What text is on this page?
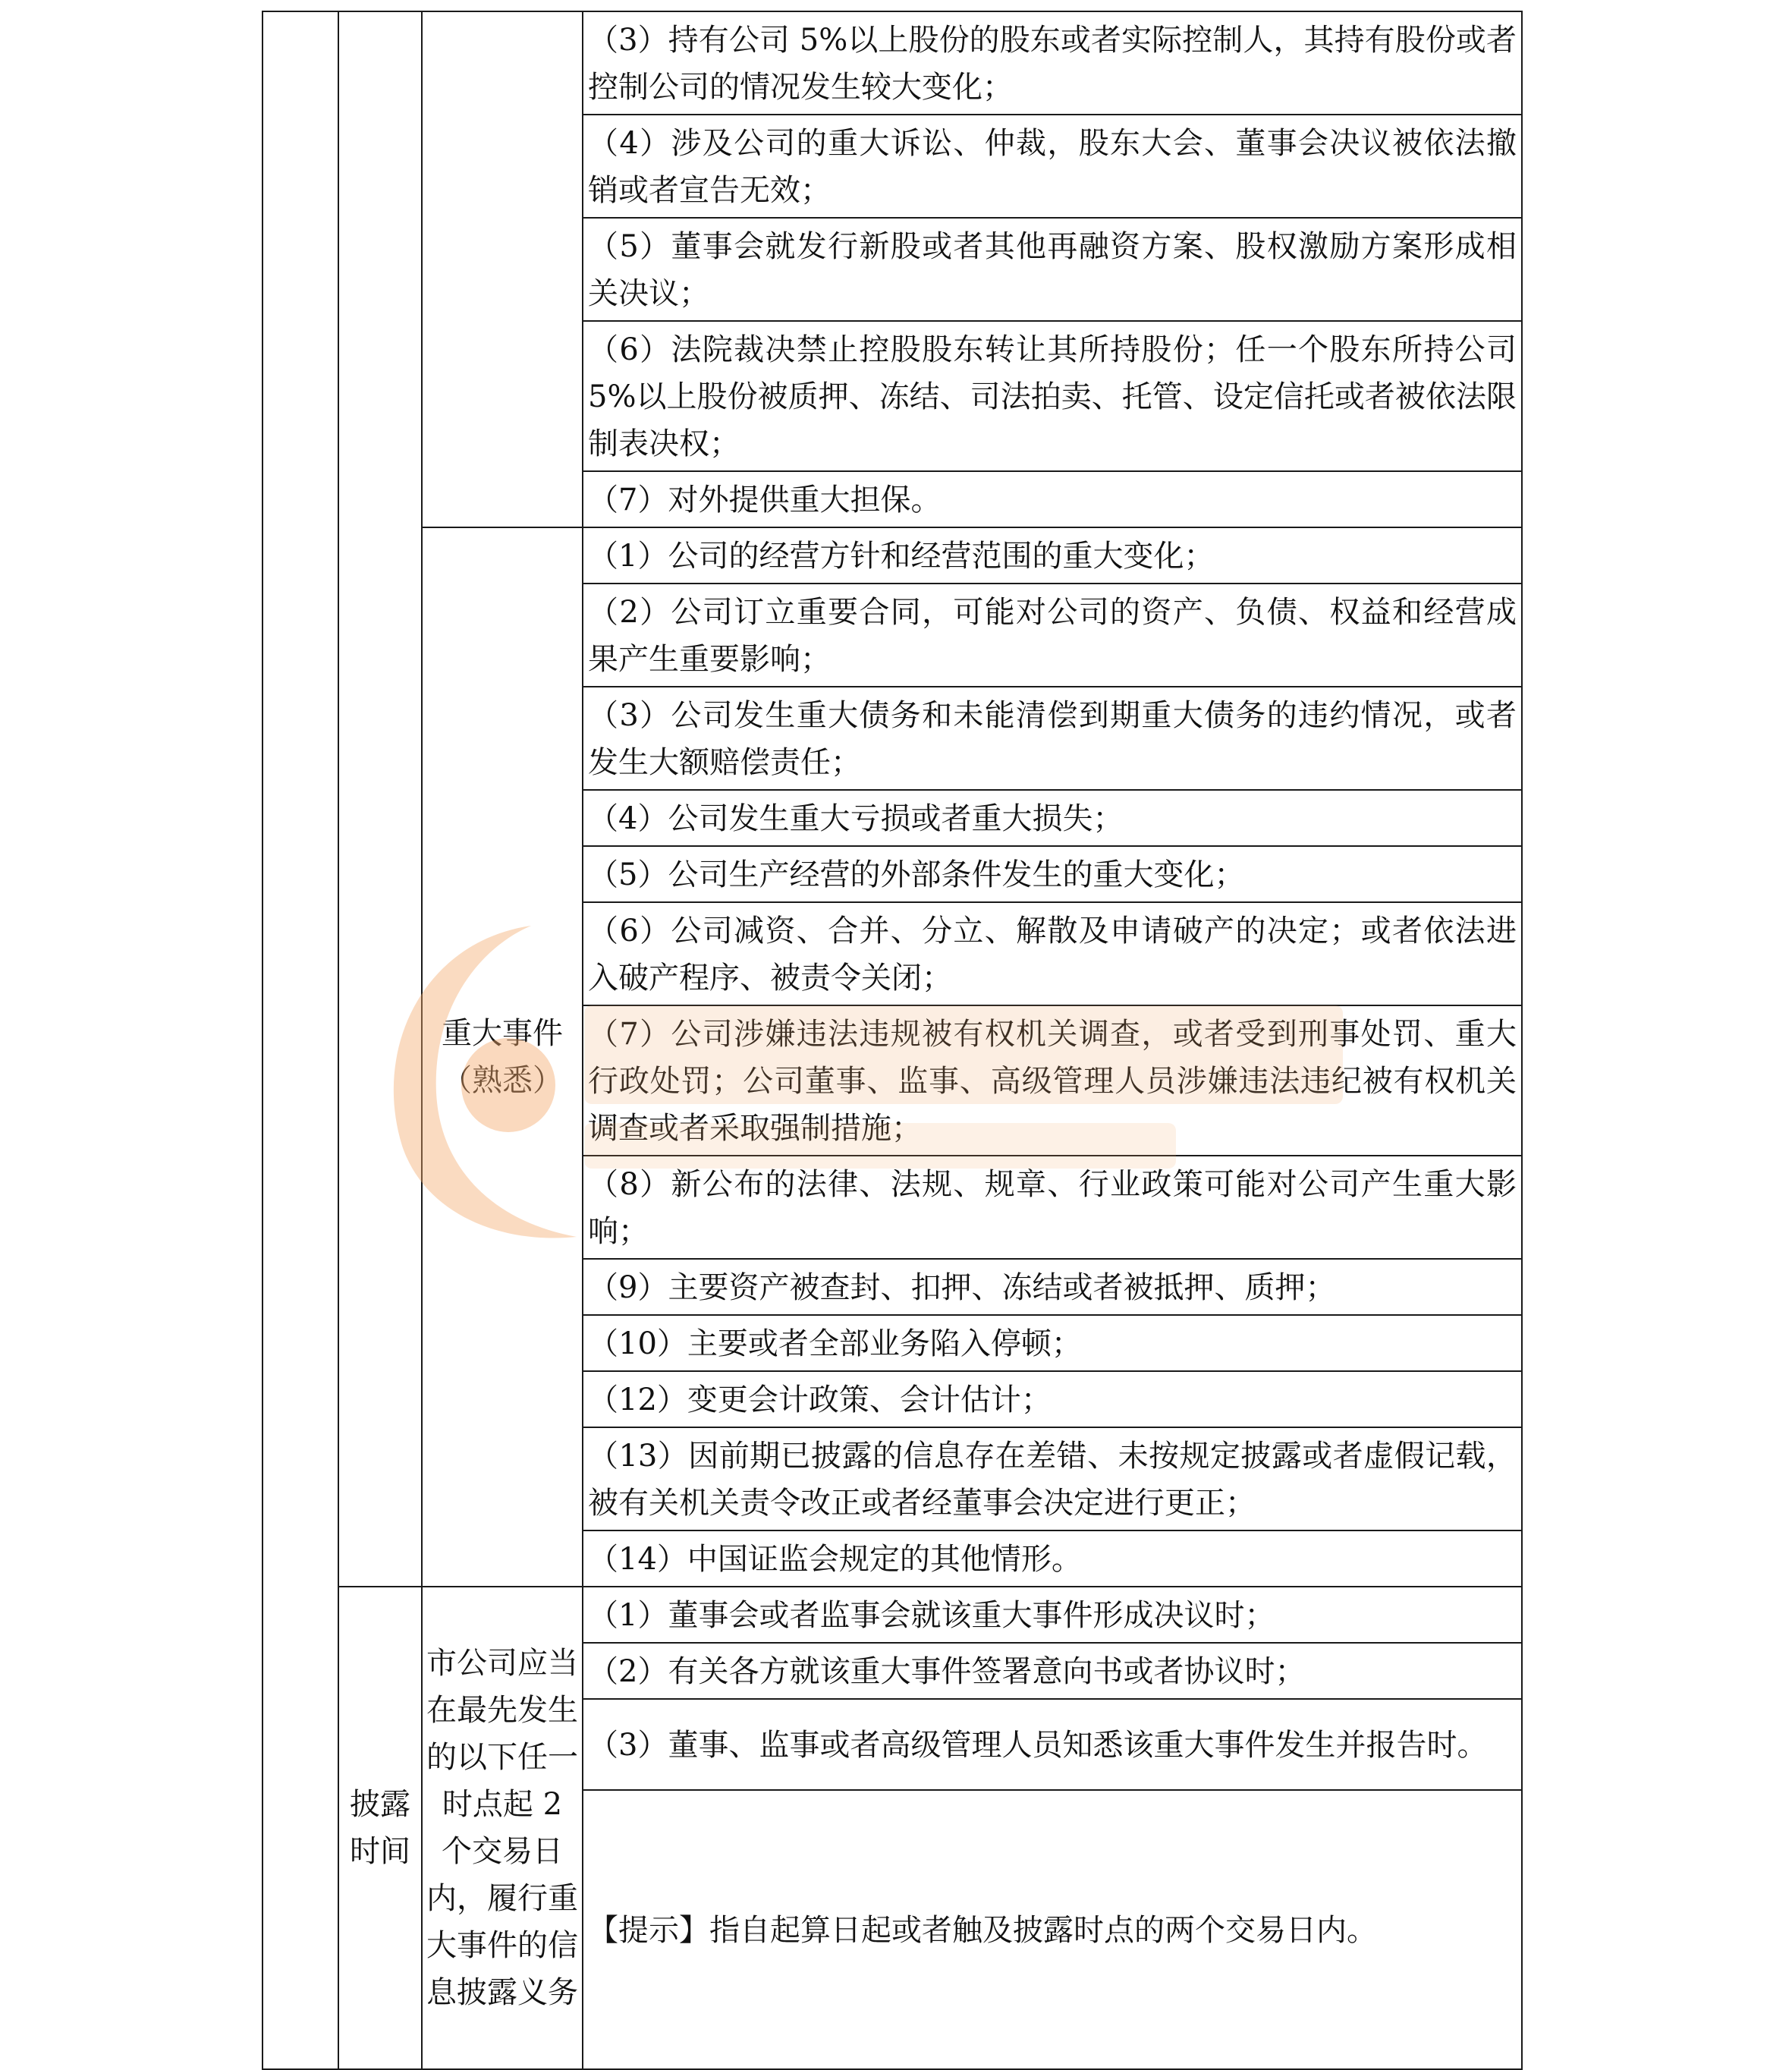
			（3）持有公司 5%以上股份的股东或者实际控制人，其持有股份或者控制公司的情况发生较大变化；
			（4）涉及公司的重大诉讼、仲裁，股东大会、董事会决议被依法撤销或者宣告无效；
			（5）董事会就发行新股或者其他再融资方案、股权激励方案形成相关决议；
			（6）法院裁决禁止控股股东转让其所持股份；任一个股东所持公司 5%以上股份被质押、冻结、司法拍卖、托管、设定信托或者被依法限制表决权；
			（7）对外提供重大担保。
		重大事件（熟悉）	（1）公司的经营方针和经营范围的重大变化；
			（2）公司订立重要合同，可能对公司的资产、负债、权益和经营成果产生重要影响；
			（3）公司发生重大债务和未能清偿到期重大债务的违约情况，或者发生大额赔偿责任；
			（4）公司发生重大亏损或者重大损失；
			（5）公司生产经营的外部条件发生的重大变化；
			（6）公司减资、合并、分立、解散及申请破产的决定；或者依法进入破产程序、被责令关闭；
			（7）公司涉嫌违法违规被有权机关调查，或者受到刑事处罚、重大行政处罚；公司董事、监事、高级管理人员涉嫌违法违纪被有权机关调查或者采取强制措施；
			（8）新公布的法律、法规、规章、行业政策可能对公司产生重大影响；
			（9）主要资产被查封、扣押、冻结或者被抵押、质押；
			（10）主要或者全部业务陷入停顿；
			（12）变更会计政策、会计估计；
			（13）因前期已披露的信息存在差错、未按规定披露或者虚假记载，被有关机关责令改正或者经董事会决定进行更正；
			（14）中国证监会规定的其他情形。
	披露时间	市公司应当在最先发生的以下任一时点起 2 个交易日内，履行重大事件的信息披露义务	（1）董事会或者监事会就该重大事件形成决议时；
			（2）有关各方就该重大事件签署意向书或者协议时；
			（3）董事、监事或者高级管理人员知悉该重大事件发生并报告时。
			【提示】指自起算日起或者触及披露时点的两个交易日内。
